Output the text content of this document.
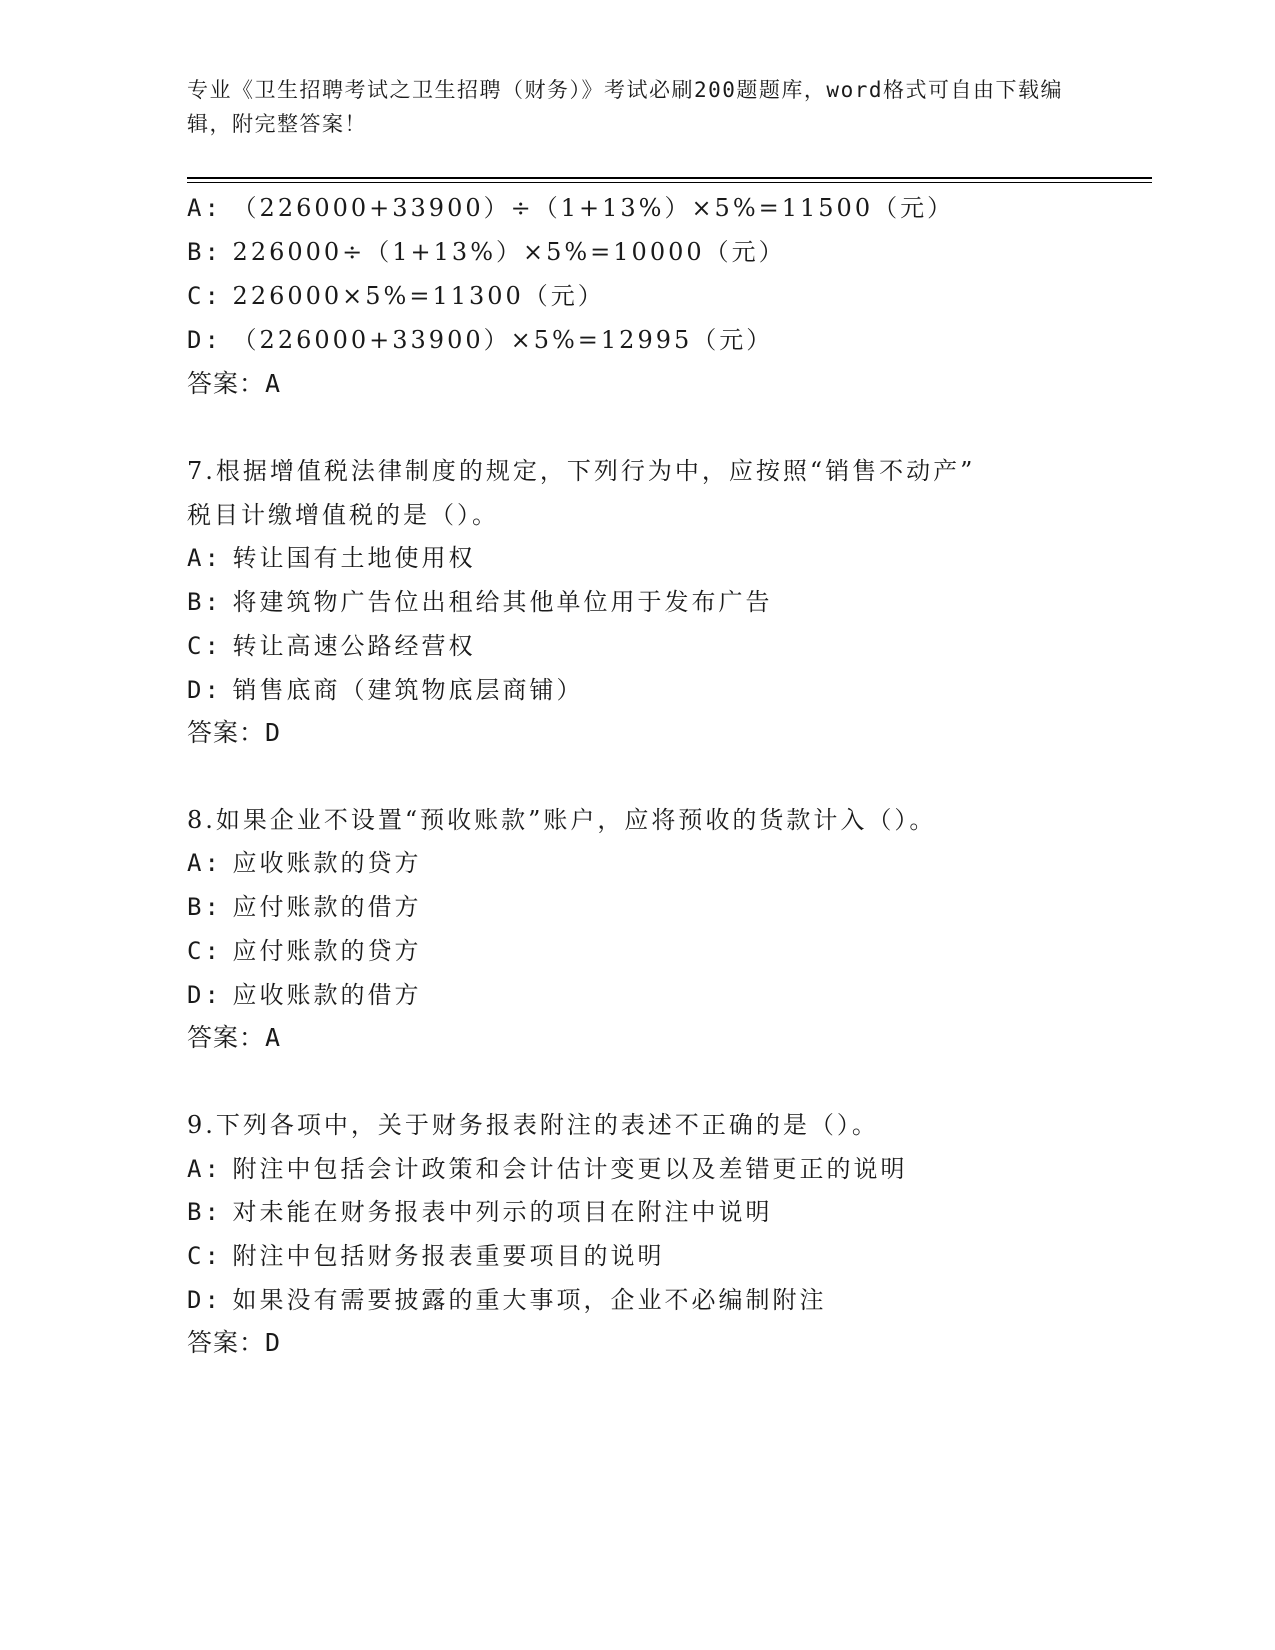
专业《卫生招聘考试之卫生招聘（财务）》考试必刷200题题库，word格式可自由下载编辑，附完整答案！
A: （226000+33900）÷（1+13%）×5%=11500（元）
B: 226000÷（1+13%）×5%=10000（元）
C: 226000×5%=11300（元）
D: （226000+33900）×5%=12995（元）
答案：A
7.根据增值税法律制度的规定，下列行为中，应按照“销售不动产”
税目计缴增值税的是（）。
A: 转让国有土地使用权
B: 将建筑物广告位出租给其他单位用于发布广告
C: 转让高速公路经营权
D: 销售底商（建筑物底层商铺）
答案：D
8.如果企业不设置“预收账款”账户，应将预收的货款计入（）。
A: 应收账款的贷方
B: 应付账款的借方
C: 应付账款的贷方
D: 应收账款的借方
答案：A
9.下列各项中，关于财务报表附注的表述不正确的是（）。
A: 附注中包括会计政策和会计估计变更以及差错更正的说明
B: 对未能在财务报表中列示的项目在附注中说明
C: 附注中包括财务报表重要项目的说明
D: 如果没有需要披露的重大事项，企业不必编制附注
答案：D
